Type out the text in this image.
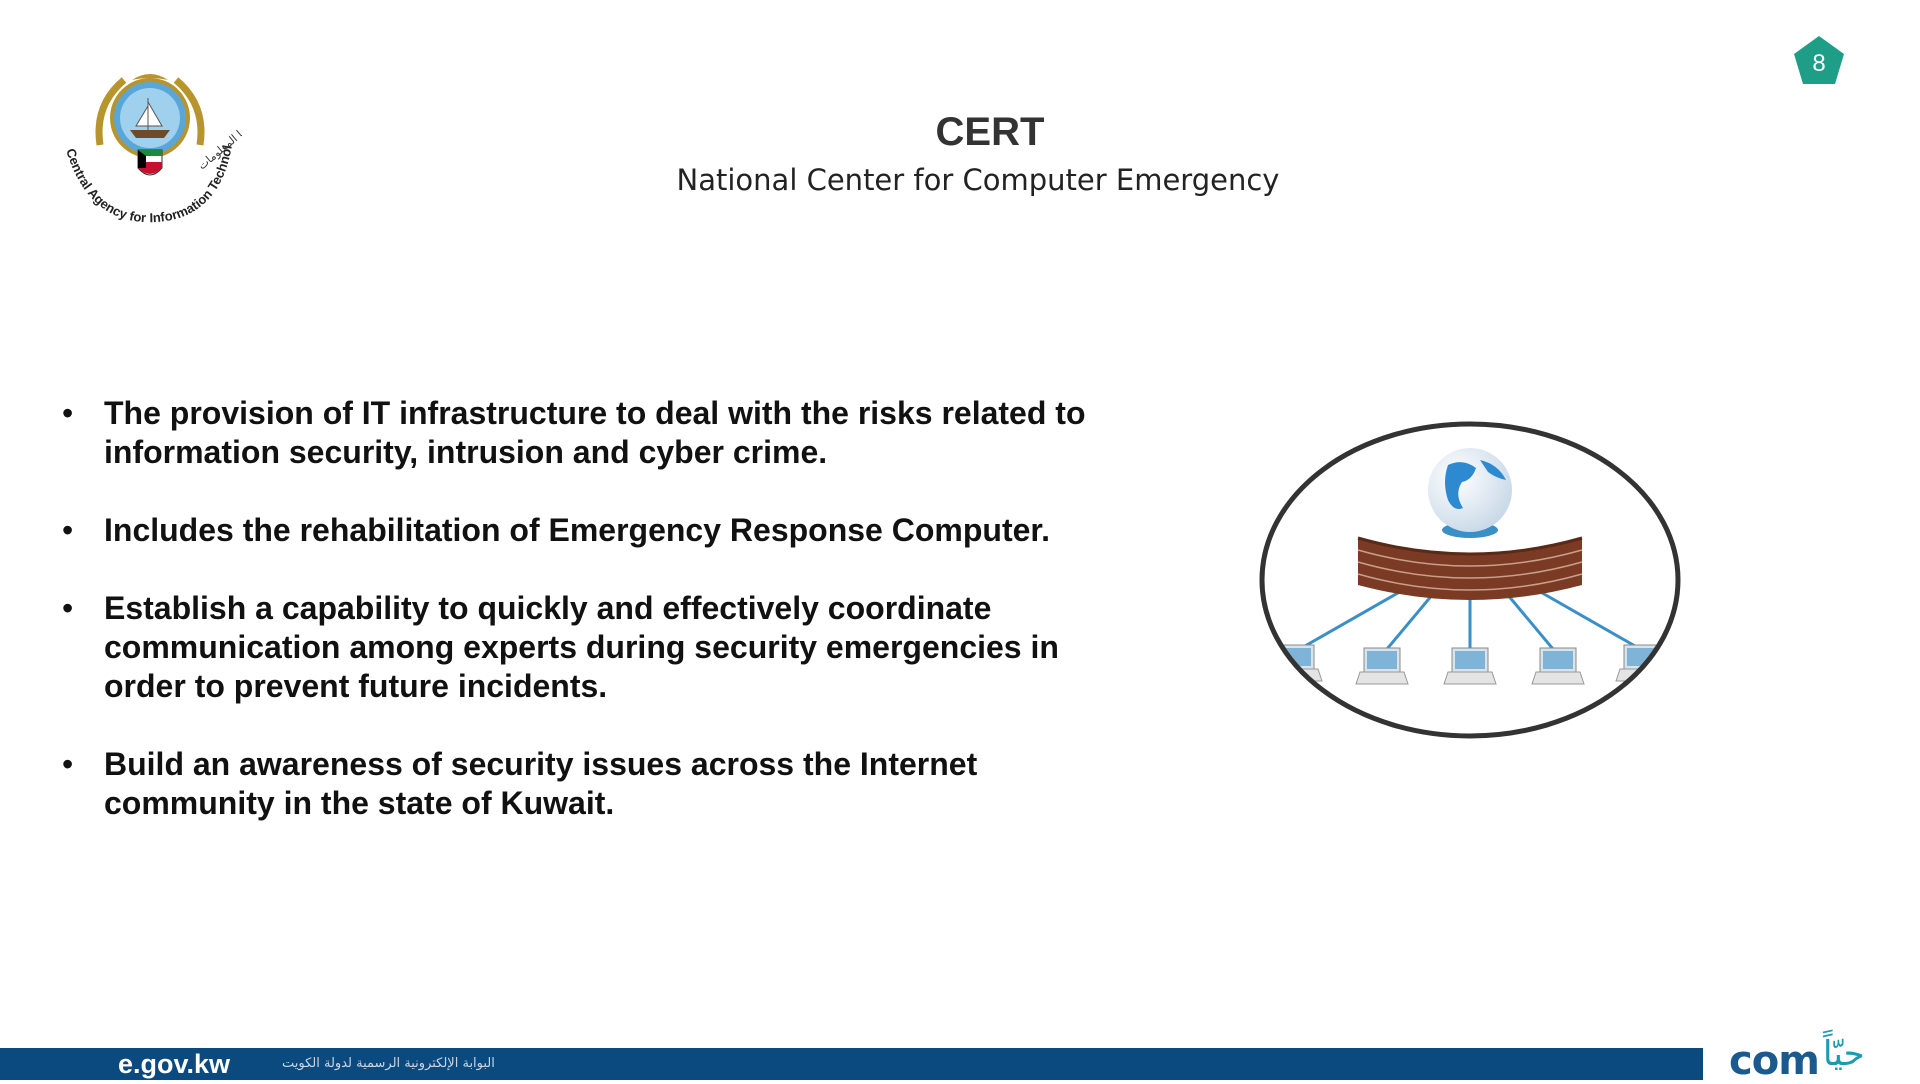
Central Agency for Information Technol
لتكنولوجيا المعلومات
8
CERT
National Center for Computer Emergency
• The provision of IT infrastructure to deal with the risks related to information security, intrusion and cyber crime.
• Includes the rehabilitation of Emergency Response Computer.
• Establish a capability to quickly and effectively coordinate communication among experts during security emergencies in order to prevent future incidents.
• Build an awareness of security issues across the Internet community in the state of Kuwait.
e.gov.kw	البوابة الإلكترونية الرسمية لدولة الكويت	com حيّاً
